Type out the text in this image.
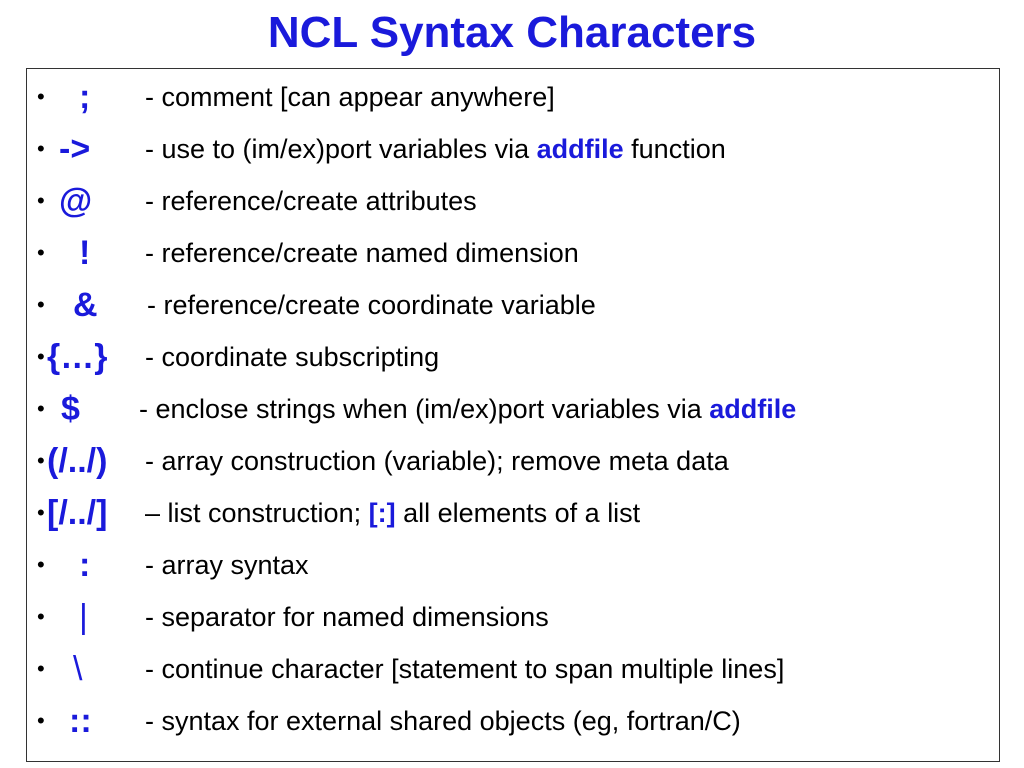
NCL Syntax Characters
• ; - comment [can appear anywhere]
• -> - use to (im/ex)port variables via addfile function
• @ - reference/create attributes
• ! - reference/create named dimension
• & - reference/create coordinate variable
• {…} - coordinate subscripting
• $ - enclose strings when (im/ex)port variables via addfile
• (/../) - array construction (variable); remove meta data
• [/../] – list construction; [:] all elements of a list
• : - array syntax
• | - separator for named dimensions
• \ - continue character [statement to span multiple lines]
• :: - syntax for external shared objects (eg, fortran/C)
